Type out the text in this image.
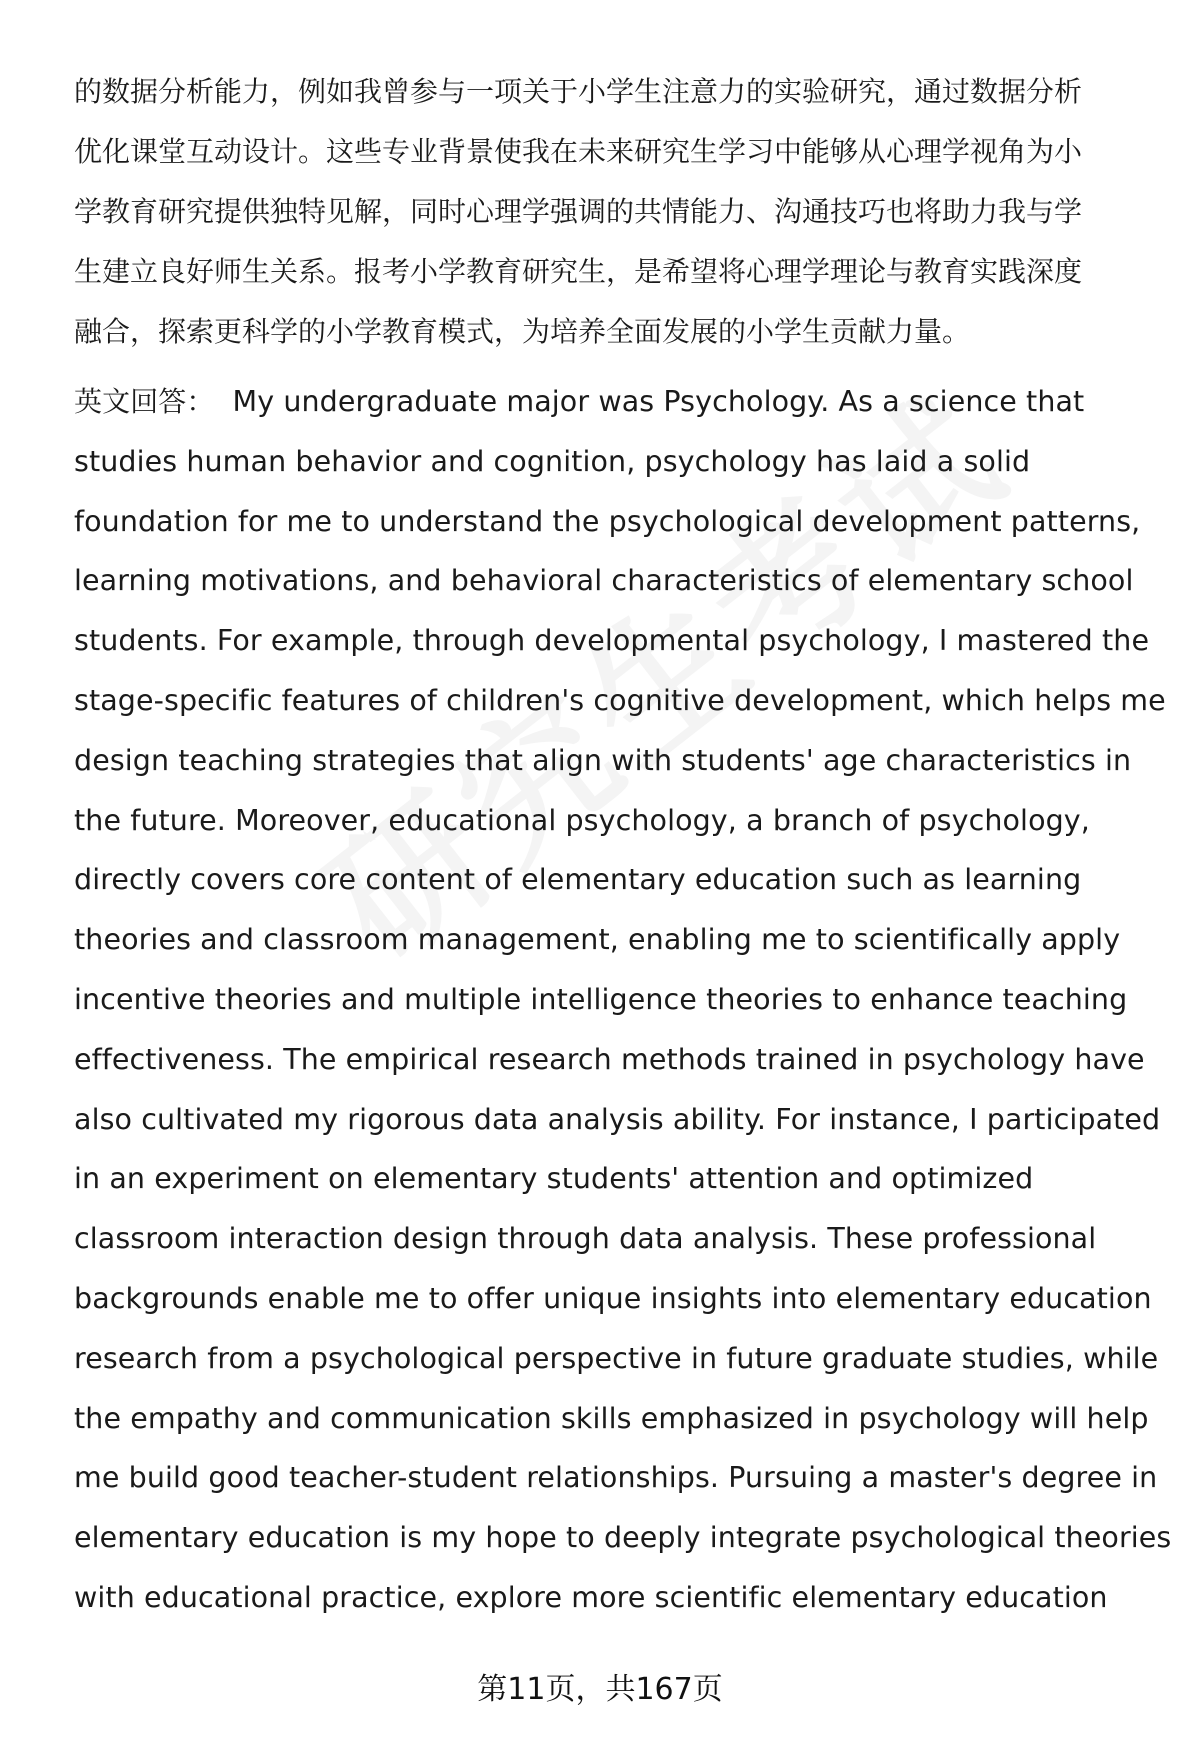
的数据分析能力，例如我曾参与一项关于小学生注意力的实验研究，通过数据分析
优化课堂互动设计。这些专业背景使我在未来研究生学习中能够从心理学视角为小
学教育研究提供独特见解，同时心理学强调的共情能力、沟通技巧也将助力我与学
生建立良好师生关系。报考小学教育研究生，是希望将心理学理论与教育实践深度
融合，探索更科学的小学教育模式，为培养全面发展的小学生贡献力量。

英文回答： My undergraduate major was Psychology. As a science that
studies human behavior and cognition, psychology has laid a solid
foundation for me to understand the psychological development patterns,
learning motivations, and behavioral characteristics of elementary school
students. For example, through developmental psychology, I mastered the
stage-specific features of children's cognitive development, which helps me
design teaching strategies that align with students' age characteristics in
the future. Moreover, educational psychology, a branch of psychology,
directly covers core content of elementary education such as learning
theories and classroom management, enabling me to scientifically apply
incentive theories and multiple intelligence theories to enhance teaching
effectiveness. The empirical research methods trained in psychology have
also cultivated my rigorous data analysis ability. For instance, I participated
in an experiment on elementary students' attention and optimized
classroom interaction design through data analysis. These professional
backgrounds enable me to offer unique insights into elementary education
research from a psychological perspective in future graduate studies, while
the empathy and communication skills emphasized in psychology will help
me build good teacher-student relationships. Pursuing a master's degree in
elementary education is my hope to deeply integrate psychological theories
with educational practice, explore more scientific elementary education

第11页，共167页
